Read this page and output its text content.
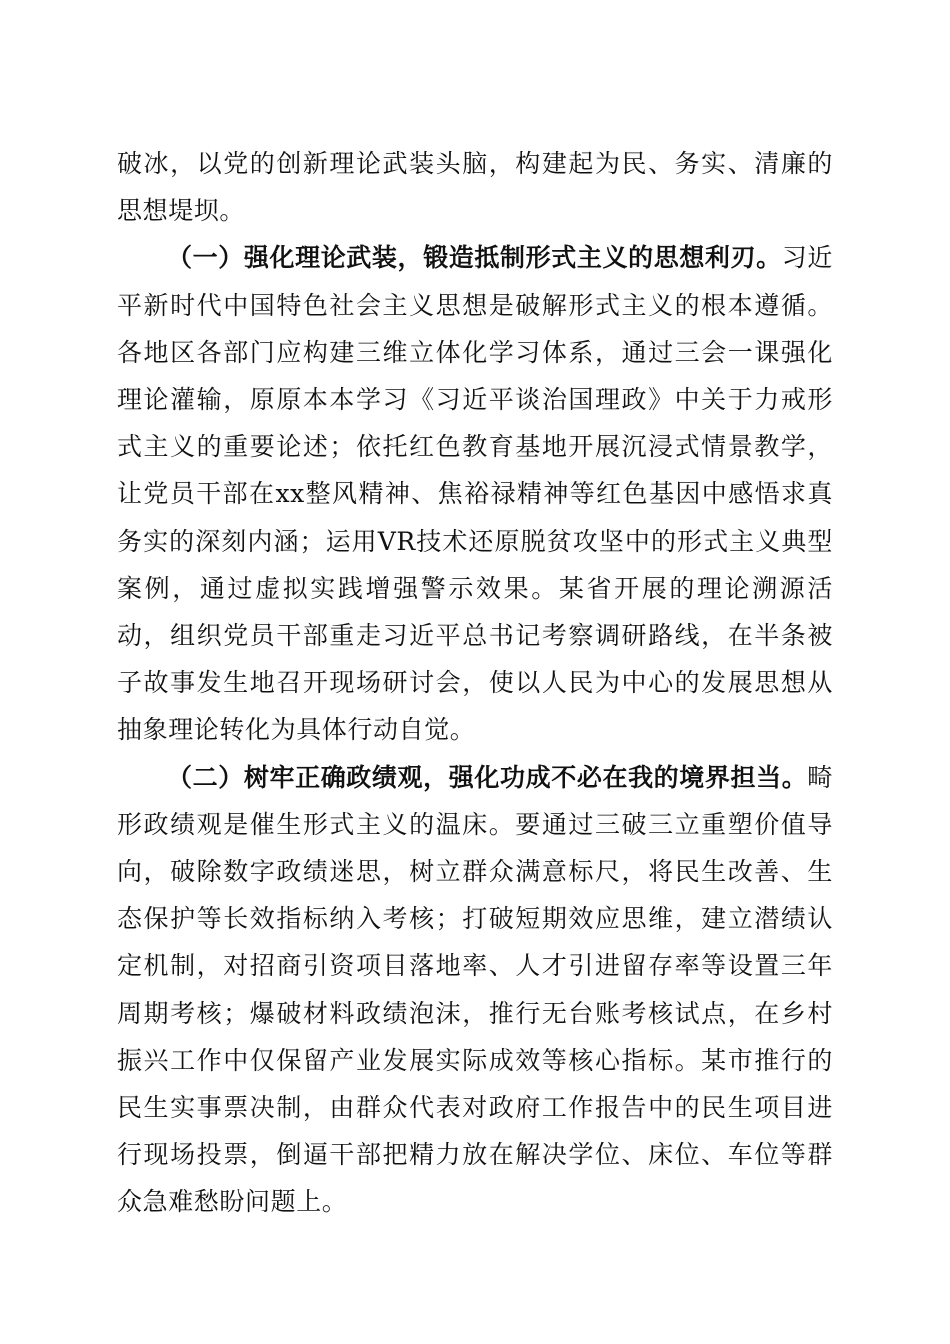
破冰，以党的创新理论武装头脑，构建起为民、务实、清廉的思想堤坝。

（一）强化理论武装，锻造抵制形式主义的思想利刃。习近平新时代中国特色社会主义思想是破解形式主义的根本遵循。各地区各部门应构建三维立体化学习体系，通过三会一课强化理论灌输，原原本本学习《习近平谈治国理政》中关于力戒形式主义的重要论述；依托红色教育基地开展沉浸式情景教学，让党员干部在xx整风精神、焦裕禄精神等红色基因中感悟求真务实的深刻内涵；运用VR技术还原脱贫攻坚中的形式主义典型案例，通过虚拟实践增强警示效果。某省开展的理论溯源活动，组织党员干部重走习近平总书记考察调研路线，在半条被子故事发生地召开现场研讨会，使以人民为中心的发展思想从抽象理论转化为具体行动自觉。

（二）树牢正确政绩观，强化功成不必在我的境界担当。畸形政绩观是催生形式主义的温床。要通过三破三立重塑价值导向，破除数字政绩迷思，树立群众满意标尺，将民生改善、生态保护等长效指标纳入考核；打破短期效应思维，建立潜绩认定机制，对招商引资项目落地率、人才引进留存率等设置三年周期考核；爆破材料政绩泡沫，推行无台账考核试点，在乡村振兴工作中仅保留产业发展实际成效等核心指标。某市推行的民生实事票决制，由群众代表对政府工作报告中的民生项目进行现场投票，倒逼干部把精力放在解决学位、床位、车位等群众急难愁盼问题上。
